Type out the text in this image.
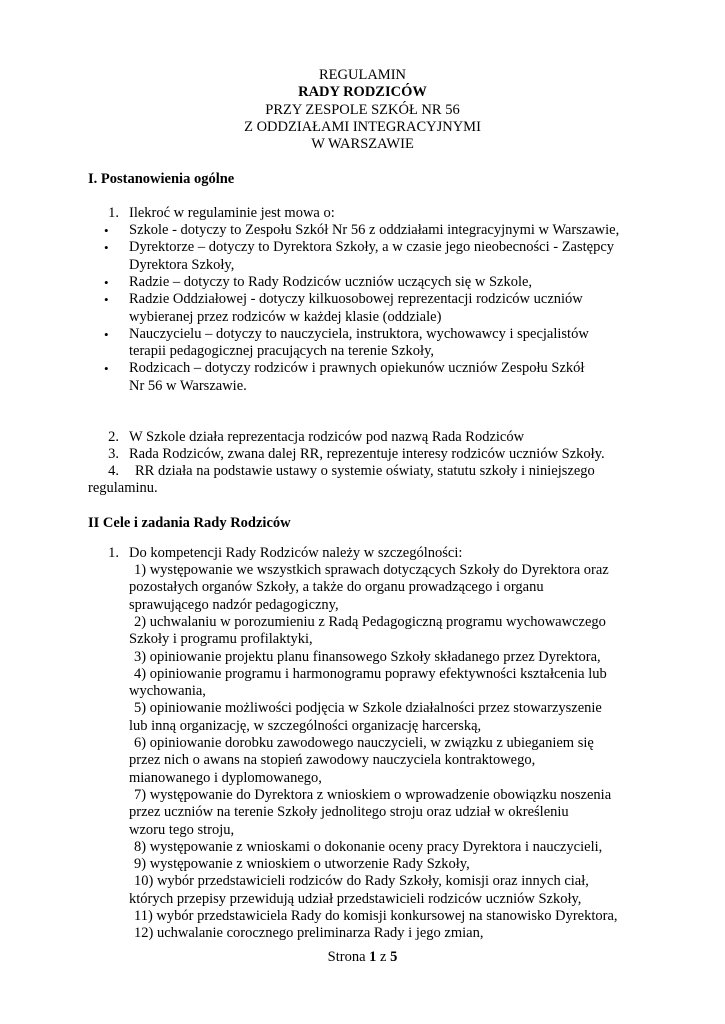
REGULAMIN
RADY RODZICÓW
PRZY ZESPOLE SZKÓŁ NR 56
Z ODDZIAŁAMI INTEGRACYJNYMI
W WARSZAWIE
I. Postanowienia ogólne
1. Ilekroć w regulaminie jest mowa o:
• Szkole - dotyczy to Zespołu Szkół Nr 56 z oddziałami integracyjnymi w Warszawie,
• Dyrektorze – dotyczy to Dyrektora Szkoły, a w czasie jego nieobecności - Zastępcy
Dyrektora Szkoły,
• Radzie – dotyczy to Rady Rodziców uczniów uczących się w Szkole,
• Radzie Oddziałowej - dotyczy kilkuosobowej reprezentacji rodziców uczniów
wybieranej przez rodziców w każdej klasie (oddziale)
• Nauczycielu – dotyczy to nauczyciela, instruktora, wychowawcy i specjalistów
terapii pedagogicznej pracujących na terenie Szkoły,
• Rodzicach – dotyczy rodziców i prawnych opiekunów uczniów Zespołu Szkół
Nr 56 w Warszawie.
2. W Szkole działa reprezentacja rodziców pod nazwą Rada Rodziców
3. Rada Rodziców, zwana dalej RR, reprezentuje interesy rodziców uczniów Szkoły.
4. RR działa na podstawie ustawy o systemie oświaty, statutu szkoły i niniejszego
regulaminu.
II Cele i zadania Rady Rodziców
1. Do kompetencji Rady Rodziców należy w szczególności:
1) występowanie we wszystkich sprawach dotyczących Szkoły do Dyrektora oraz
pozostałych organów Szkoły, a także do organu prowadzącego i organu
sprawującego nadzór pedagogiczny,
2) uchwalaniu w porozumieniu z Radą Pedagogiczną programu wychowawczego
Szkoły i programu profilaktyki,
3) opiniowanie projektu planu finansowego Szkoły składanego przez Dyrektora,
4) opiniowanie programu i harmonogramu poprawy efektywności kształcenia lub
wychowania,
5) opiniowanie możliwości podjęcia w Szkole działalności przez stowarzyszenie
lub inną organizację, w szczególności organizację harcerską,
6) opiniowanie dorobku zawodowego nauczycieli, w związku z ubieganiem się
przez nich o awans na stopień zawodowy nauczyciela kontraktowego,
mianowanego i dyplomowanego,
7) występowanie do Dyrektora z wnioskiem o wprowadzenie obowiązku noszenia
przez uczniów na terenie Szkoły jednolitego stroju oraz udział w określeniu
wzoru tego stroju,
8) występowanie z wnioskami o dokonanie oceny pracy Dyrektora i nauczycieli,
9) występowanie z wnioskiem o utworzenie Rady Szkoły,
10) wybór przedstawicieli rodziców do Rady Szkoły, komisji oraz innych ciał,
których przepisy przewidują udział przedstawicieli rodziców uczniów Szkoły,
11) wybór przedstawiciela Rady do komisji konkursowej na stanowisko Dyrektora,
12) uchwalanie corocznego preliminarza Rady i jego zmian,
Strona 1 z 5
